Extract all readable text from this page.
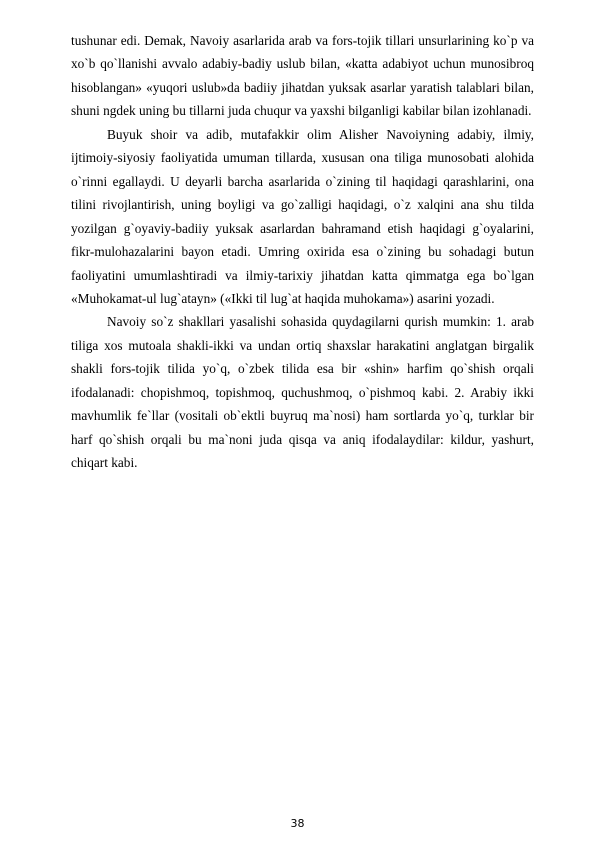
tushunar edi. Demak, Navoiy asarlarida arab va fors-tojik tillari unsurlarining ko`p va xo`b qo`llanishi avvalo adabiy-badiy uslub bilan, «katta adabiyot uchun munosibroq hisoblangan» «yuqori uslub»da badiiy jihatdan yuksak asarlar yaratish talablari bilan, shuni ngdek uning bu tillarni juda chuqur va yaxshi bilganligi kabilar bilan izohlanadi.

Buyuk shoir va adib, mutafakkir olim Alisher Navoiyning adabiy, ilmiy, ijtimoiy-siyosiy faoliyatida umuman tillarda, xususan ona tiliga munosobati alohida o`rinni egallaydi. U deyarli barcha asarlarida o`zining til haqidagi qarashlarini, ona tilini rivojlantirish, uning boyligi va go`zalligi haqidagi, o`z xalqini ana shu tilda yozilgan g`oyaviy-badiiy yuksak asarlardan bahramand etish haqidagi g`oyalarini, fikr-mulohazalarini bayon etadi. Umring oxirida esa o`zining bu sohadagi butun faoliyatini umumlashtiradi va ilmiy-tarixiy jihatdan katta qimmatga ega bo`lgan «Muhokamat-ul lug`atayn» («Ikki til lug`at haqida muhokama») asarini yozadi.

Navoiy so`z shakllari yasalishi sohasida quydagilarni qurish mumkin: 1. arab tiliga xos mutoala shakli-ikki va undan ortiq shaxslar harakatini anglatgan birgalik shakli fors-tojik tilida yo`q, o`zbek tilida esa bir «shin» harfim qo`shish orqali ifodalanadi: chopishmoq, topishmoq, quchushmoq, o`pishmoq kabi. 2. Arabiy ikki mavhumlik fe`llar (vositali ob`ektli buyruq ma`nosi) ham sortlarda yo`q, turklar bir harf qo`shish orqali bu ma`noni juda qisqa va aniq ifodalaydilar: kildur, yashurt, chiqart kabi.

38
